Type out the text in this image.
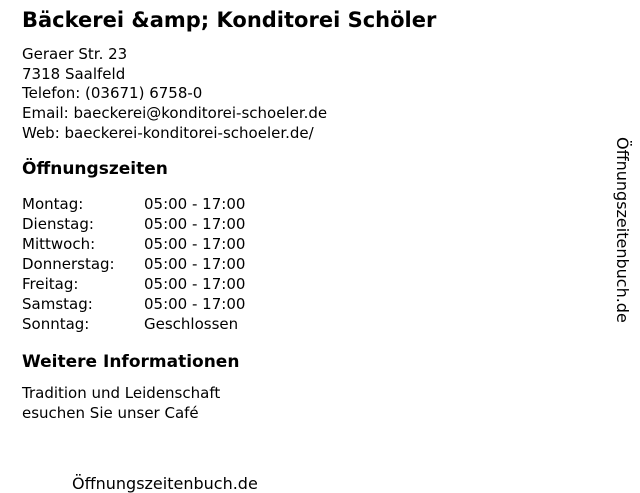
Bäckerei &amp; Konditorei Schöler
Geraer Str. 23
7318 Saalfeld
Telefon: (03671) 6758-0
Email: baeckerei@konditorei-schoeler.de
Web: baeckerei-konditorei-schoeler.de/
Öffnungszeiten
Montag:	05:00 - 17:00
Dienstag:	05:00 - 17:00
Mittwoch:	05:00 - 17:00
Donnerstag: 05:00 - 17:00
Freitag:	05:00 - 17:00
Samstag:	05:00 - 17:00
Sonntag:	Geschlossen
Weitere Informationen
Tradition und Leidenschaft
esuchen Sie unser Café
Öffnungszeitenbuch.de
Öffnungszeitenbuch.de
